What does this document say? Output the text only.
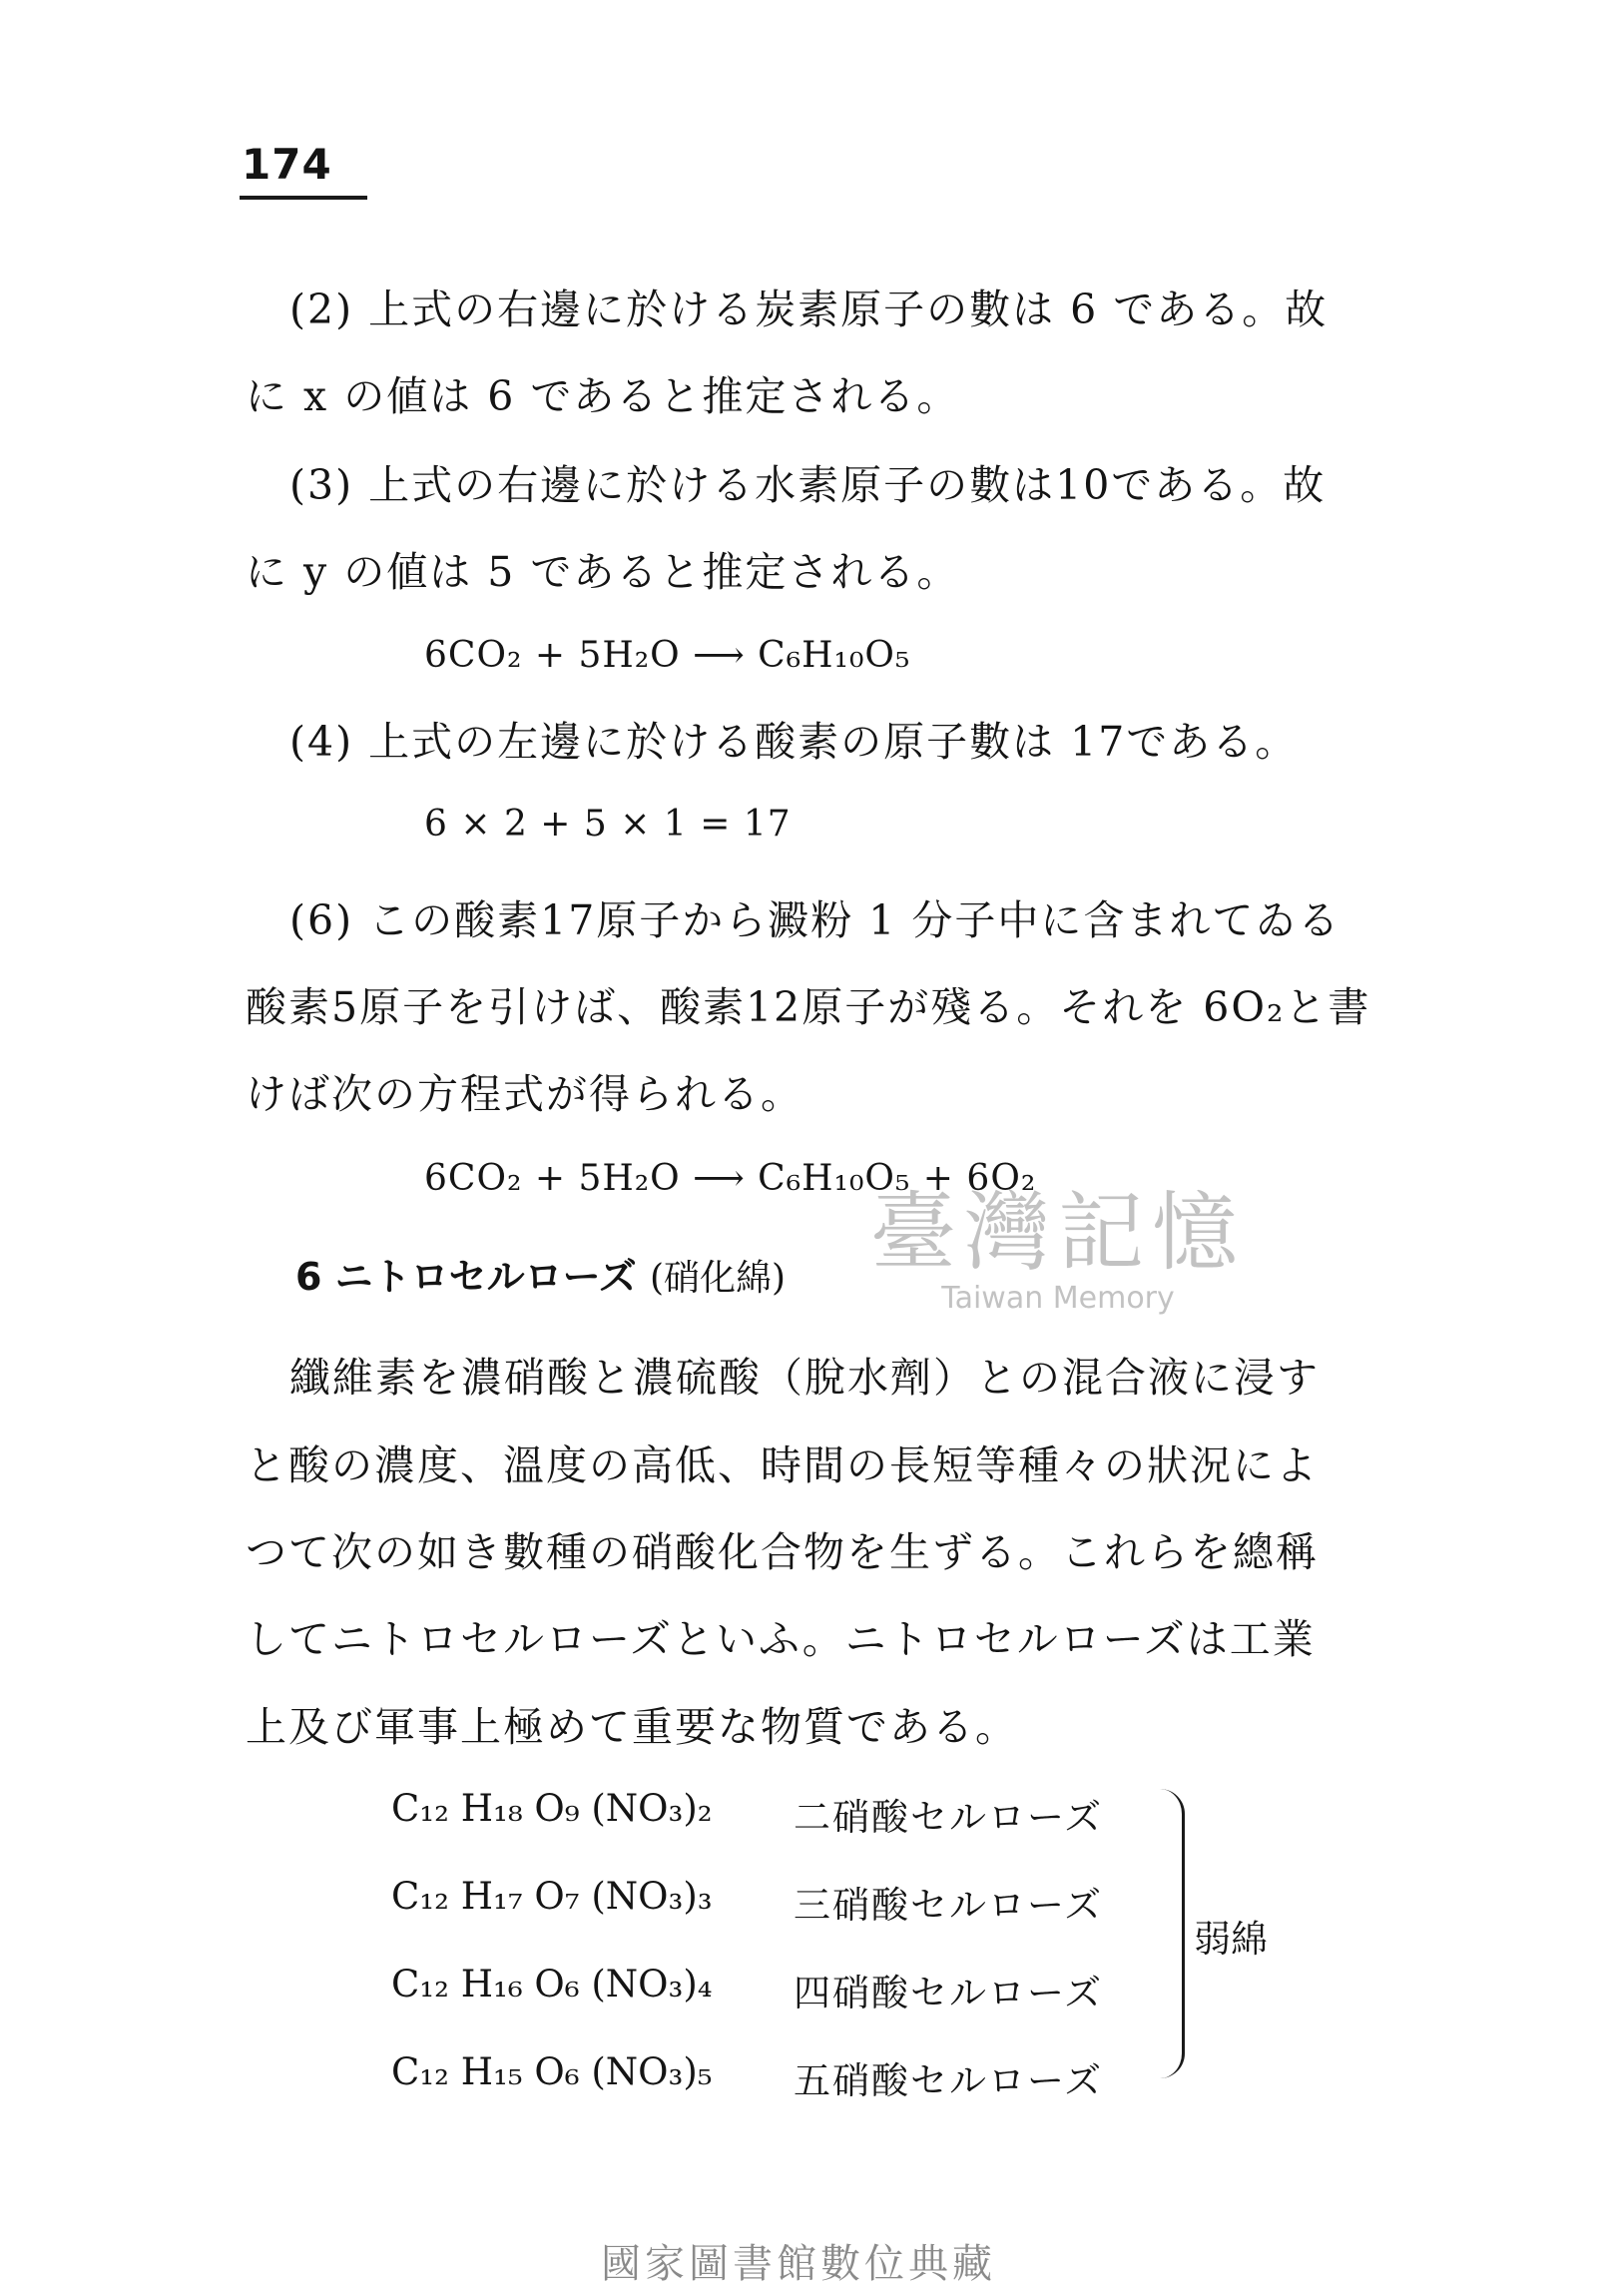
174
(2) 上式の右邊に於ける炭素原子の數は 6 である。故
に x の値は 6 であると推定される。
(3) 上式の右邊に於ける水素原子の數は10である。故
に y の値は 5 であると推定される。
6CO₂ + 5H₂O ⟶ C₆H₁₀O₅
(4) 上式の左邊に於ける酸素の原子數は 17である。
6 × 2 + 5 × 1 = 17
(6) この酸素17原子から澱粉 1 分子中に含まれてゐる
酸素5原子を引けば、酸素12原子が殘る。それを 6O₂と書
けば次の方程式が得られる。
6CO₂ + 5H₂O ⟶ C₆H₁₀O₅ + 6O₂
6 ニトロセルローズ (硝化綿) 臺灣記憶
Taiwan Memory
纖維素を濃硝酸と濃硫酸（脫水劑）との混合液に浸す
と酸の濃度、溫度の高低、時間の長短等種々の狀況によ
つて次の如き數種の硝酸化合物を生ずる。これらを總稱
してニトロセルローズといふ。ニトロセルローズは工業
上及び軍事上極めて重要な物質である。
C₁₂ H₁₈ O₉ (NO₃)₂ 二硝酸セルローズ
C₁₂ H₁₇ O₇ (NO₃)₃ 三硝酸セルローズ
C₁₂ H₁₆ O₆ (NO₃)₄ 四硝酸セルローズ
C₁₂ H₁₅ O₆ (NO₃)₅ 五硝酸セルローズ
弱綿
國家圖書館數位典藏
